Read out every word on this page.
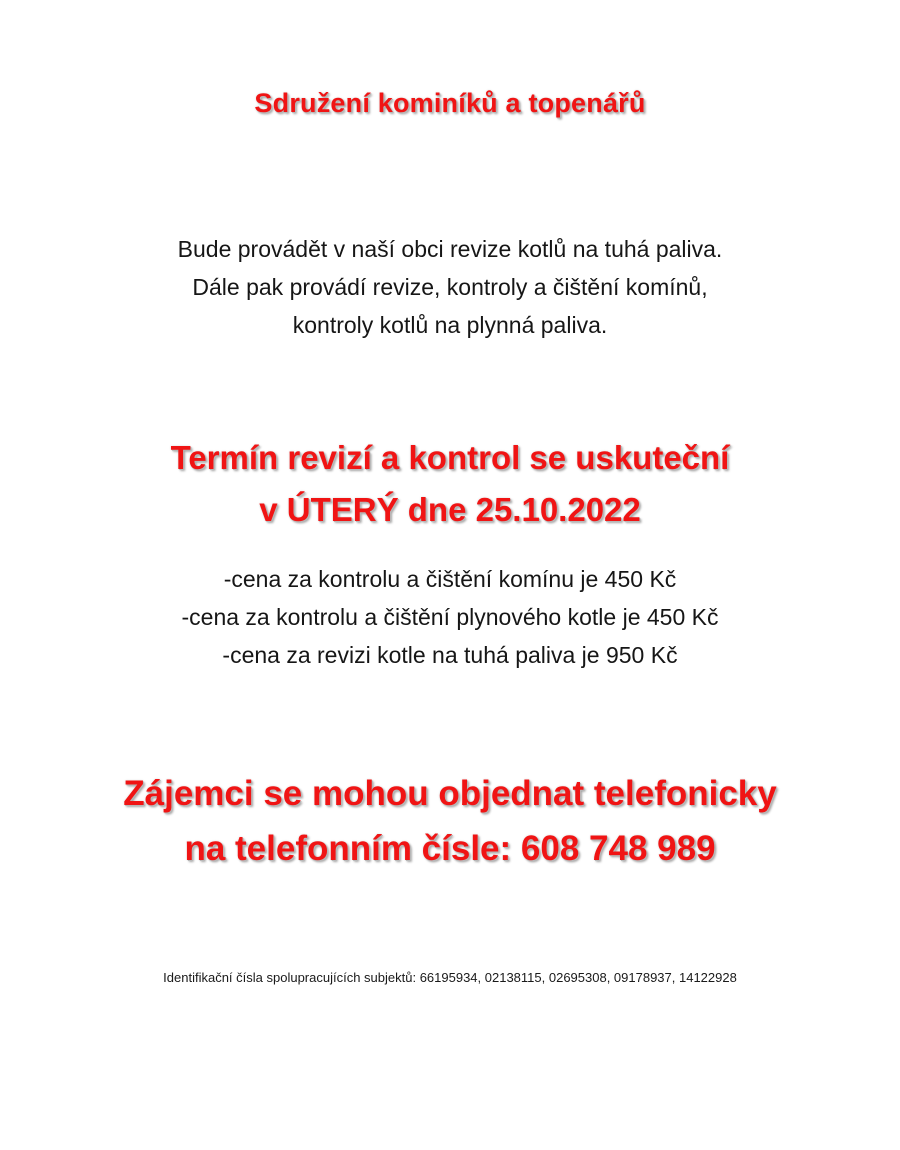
Sdružení kominíků a topenářů
Bude provádět v naší obci revize kotlů na tuhá paliva.
Dále pak provádí revize, kontroly a čištění komínů,
kontroly kotlů na plynná paliva.
Termín revizí a kontrol se uskuteční
v ÚTERÝ dne 25.10.2022
-cena za kontrolu a čištění komínu je 450 Kč
-cena za kontrolu a čištění plynového kotle je 450 Kč
-cena za revizi kotle na tuhá paliva je 950 Kč
Zájemci se mohou objednat telefonicky
na telefonním čísle: 608 748 989
Identifikační čísla spolupracujících subjektů: 66195934, 02138115, 02695308, 09178937, 14122928
